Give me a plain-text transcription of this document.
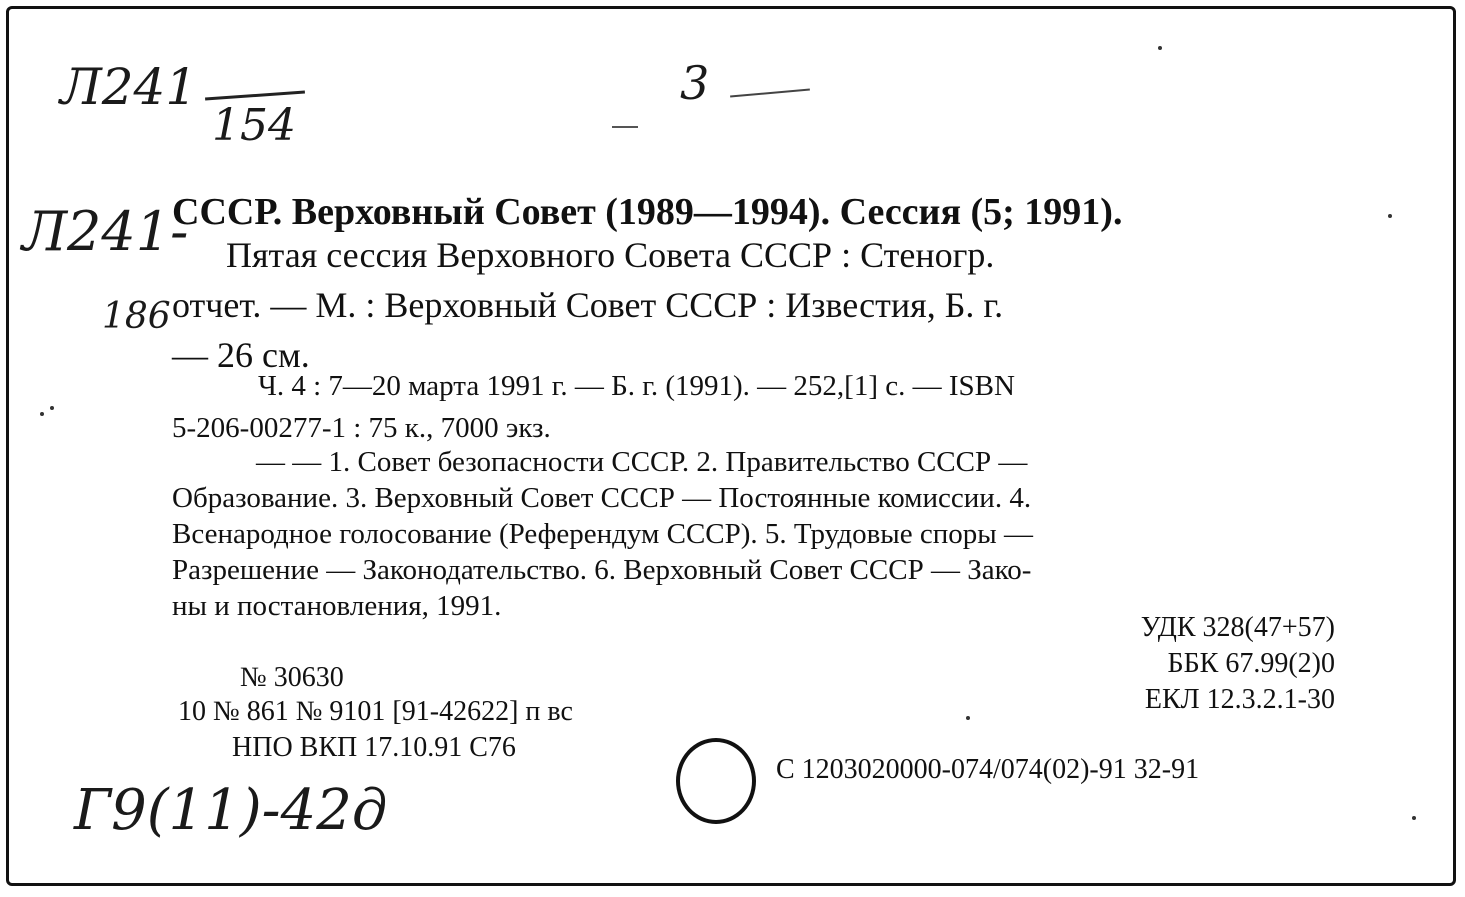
Л241
154
3
Л241-
186
Г9(11)-42д
СССР. Верховный Совет (1989—1994). Сессия (5; 1991).
Пятая сессия Верховного Совета СССР : Стеногр.
отчет. — М. : Верховный Совет СССР : Известия, Б. г.
— 26 см.
Ч. 4 : 7—20 марта 1991 г. — Б. г. (1991). — 252,[1] с. — ISBN
5-206-00277-1 : 75 к., 7000 экз.
— — 1. Совет безопасности СССР. 2. Правительство СССР —
Образование. 3. Верховный Совет СССР — Постоянные комиссии. 4.
Всенародное голосование (Референдум СССР). 5. Трудовые споры —
Разрешение — Законодательство. 6. Верховный Совет СССР — Зако-
ны и постановления, 1991.
УДК 328(47+57)
ББК 67.99(2)0
ЕКЛ 12.3.2.1-30
№ 30630
10 № 861 № 9101 [91-42622] п вс
НПО ВКП 17.10.91 С76
С 1203020000-074/074(02)-91 32-91
